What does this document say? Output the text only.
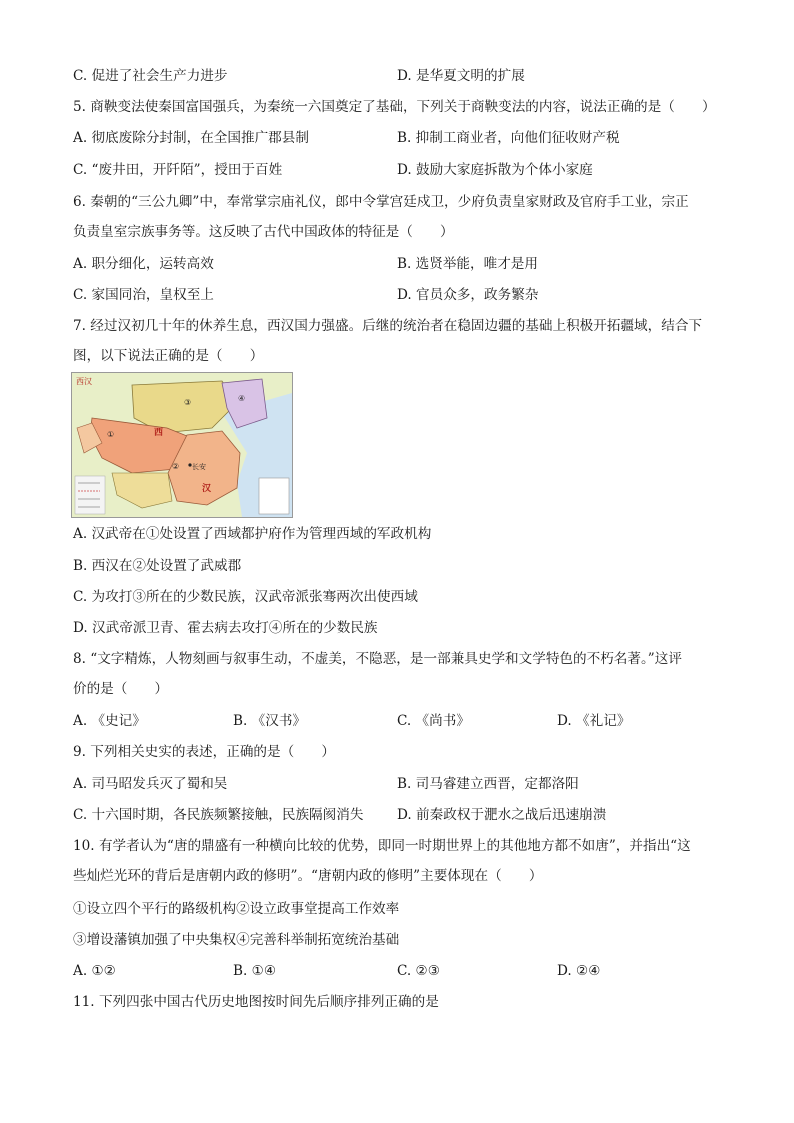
C. 促进了社会生产力进步	D. 是华夏文明的扩展
5. 商鞅变法使秦国富国强兵，为秦统一六国奠定了基础，下列关于商鞅变法的内容，说法正确的是（　　）
A. 彻底废除分封制，在全国推广郡县制	B. 抑制工商业者，向他们征收财产税
C. “废井田，开阡陌”，授田于百姓	D. 鼓励大家庭拆散为个体小家庭
6. 秦朝的“三公九卿”中，奉常掌宗庙礼仪，郎中令掌宫廷戍卫，少府负责皇家财政及官府手工业，宗正
负责皇室宗族事务等。这反映了古代中国政体的特征是（　　）
A. 职分细化，运转高效	B. 选贤举能，唯才是用
C. 家国同治，皇权至上	D. 官员众多，政务繁杂
7. 经过汉初几十年的休养生息，西汉国力强盛。后继的统治者在稳固边疆的基础上积极开拓疆域，结合下
图，以下说法正确的是（　　）
西汉
③	④
①
②
西
汉
长安
A. 汉武帝在①处设置了西域都护府作为管理西域的军政机构
B. 西汉在②处设置了武威郡
C. 为攻打③所在的少数民族，汉武帝派张骞两次出使西域
D. 汉武帝派卫青、霍去病去攻打④所在的少数民族
8. “文字精炼，人物刻画与叙事生动，不虚美，不隐恶，是一部兼具史学和文学特色的不朽名著。”这评
价的是（　　）
A. 《史记》	B. 《汉书》	C. 《尚书》	D. 《礼记》
9. 下列相关史实的表述，正确的是（　　）
A. 司马昭发兵灭了蜀和吴	B. 司马睿建立西晋，定都洛阳
C. 十六国时期，各民族频繁接触，民族隔阂消失 D. 前秦政权于淝水之战后迅速崩溃
10. 有学者认为“唐的鼎盛有一种横向比较的优势，即同一时期世界上的其他地方都不如唐”，并指出“这
些灿烂光环的背后是唐朝内政的修明”。“唐朝内政的修明”主要体现在（　　）
①设立四个平行的路级机构②设立政事堂提高工作效率
③增设藩镇加强了中央集权④完善科举制拓宽统治基础
A. ①②	B. ①④	C. ②③	D. ②④
11. 下列四张中国古代历史地图按时间先后顺序排列正确的是
